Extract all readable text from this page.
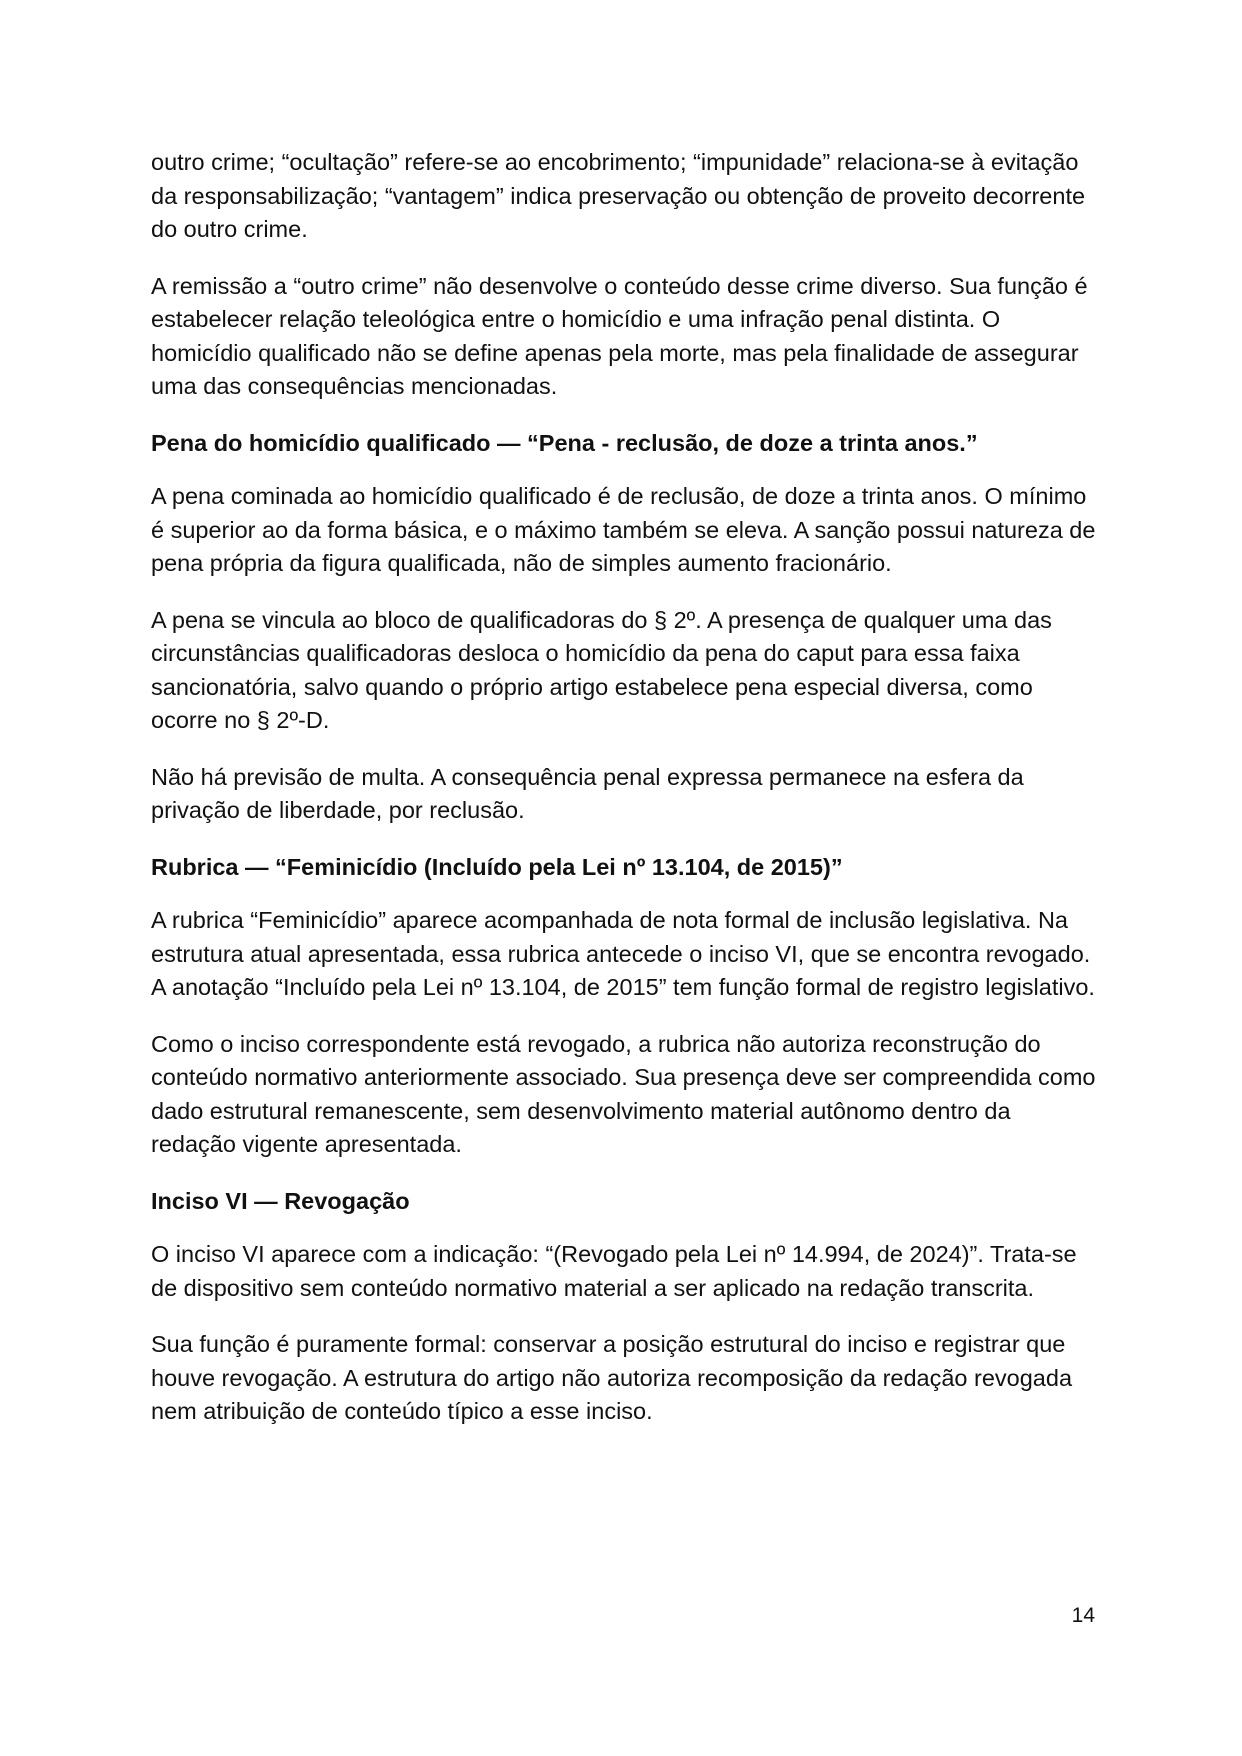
outro crime; “ocultação” refere-se ao encobrimento; “impunidade” relaciona-se à evitação da responsabilização; “vantagem” indica preservação ou obtenção de proveito decorrente do outro crime.

A remissão a “outro crime” não desenvolve o conteúdo desse crime diverso. Sua função é estabelecer relação teleológica entre o homicídio e uma infração penal distinta. O homicídio qualificado não se define apenas pela morte, mas pela finalidade de assegurar uma das consequências mencionadas.

Pena do homicídio qualificado — “Pena - reclusão, de doze a trinta anos.”

A pena cominada ao homicídio qualificado é de reclusão, de doze a trinta anos. O mínimo é superior ao da forma básica, e o máximo também se eleva. A sanção possui natureza de pena própria da figura qualificada, não de simples aumento fracionário.

A pena se vincula ao bloco de qualificadoras do § 2º. A presença de qualquer uma das circunstâncias qualificadoras desloca o homicídio da pena do caput para essa faixa sancionatória, salvo quando o próprio artigo estabelece pena especial diversa, como ocorre no § 2º-D.

Não há previsão de multa. A consequência penal expressa permanece na esfera da privação de liberdade, por reclusão.

Rubrica — “Feminicídio (Incluído pela Lei nº 13.104, de 2015)”

A rubrica “Feminicídio” aparece acompanhada de nota formal de inclusão legislativa. Na estrutura atual apresentada, essa rubrica antecede o inciso VI, que se encontra revogado. A anotação “Incluído pela Lei nº 13.104, de 2015” tem função formal de registro legislativo.

Como o inciso correspondente está revogado, a rubrica não autoriza reconstrução do conteúdo normativo anteriormente associado. Sua presença deve ser compreendida como dado estrutural remanescente, sem desenvolvimento material autônomo dentro da redação vigente apresentada.

Inciso VI — Revogação

O inciso VI aparece com a indicação: “(Revogado pela Lei nº 14.994, de 2024)”. Trata-se de dispositivo sem conteúdo normativo material a ser aplicado na redação transcrita.

Sua função é puramente formal: conservar a posição estrutural do inciso e registrar que houve revogação. A estrutura do artigo não autoriza recomposição da redação revogada nem atribuição de conteúdo típico a esse inciso.

14
